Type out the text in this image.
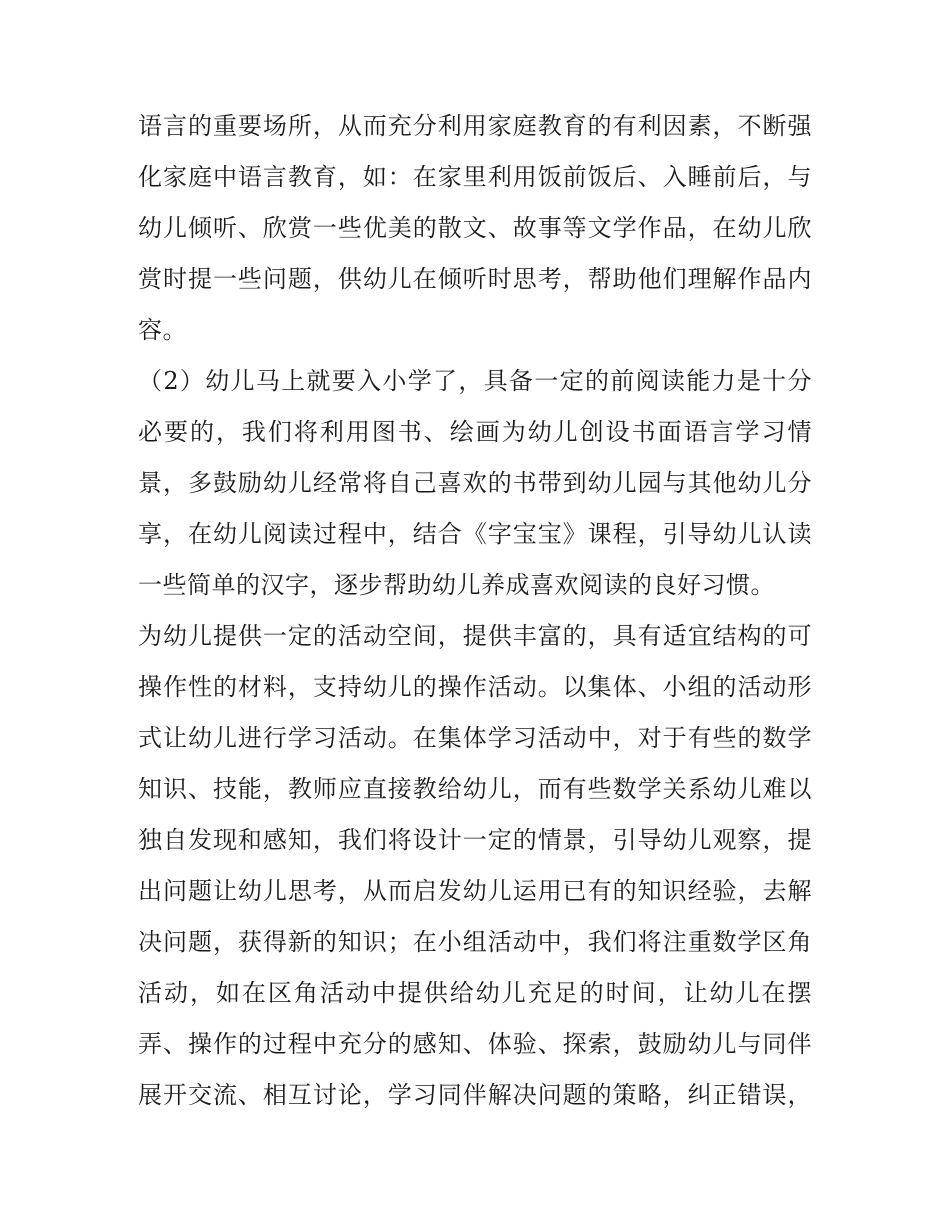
语言的重要场所，从而充分利用家庭教育的有利因素，不断强
化家庭中语言教育，如：在家里利用饭前饭后、入睡前后，与
幼儿倾听、欣赏一些优美的散文、故事等文学作品，在幼儿欣
赏时提一些问题，供幼儿在倾听时思考，帮助他们理解作品内
容。
（2）幼儿马上就要入小学了，具备一定的前阅读能力是十分
必要的，我们将利用图书、绘画为幼儿创设书面语言学习情
景，多鼓励幼儿经常将自己喜欢的书带到幼儿园与其他幼儿分
享，在幼儿阅读过程中，结合《字宝宝》课程，引导幼儿认读
一些简单的汉字，逐步帮助幼儿养成喜欢阅读的良好习惯。
为幼儿提供一定的活动空间，提供丰富的，具有适宜结构的可
操作性的材料，支持幼儿的操作活动。以集体、小组的活动形
式让幼儿进行学习活动。在集体学习活动中，对于有些的数学
知识、技能，教师应直接教给幼儿，而有些数学关系幼儿难以
独自发现和感知，我们将设计一定的情景，引导幼儿观察，提
出问题让幼儿思考，从而启发幼儿运用已有的知识经验，去解
决问题，获得新的知识；在小组活动中，我们将注重数学区角
活动，如在区角活动中提供给幼儿充足的时间，让幼儿在摆
弄、操作的过程中充分的感知、体验、探索，鼓励幼儿与同伴
展开交流、相互讨论，学习同伴解决问题的策略，纠正错误，
